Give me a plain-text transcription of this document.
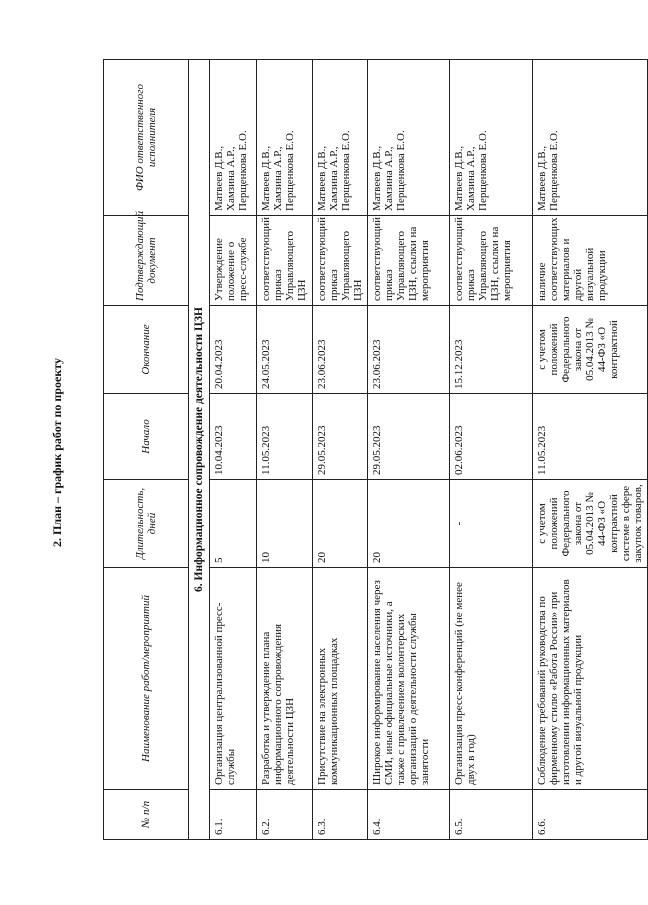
2. План – график работ по проекту
№ п/п	Наименование работ/мероприятий	Длительность, дней	Начало	Окончание	Подтверждающий документ	ФИО ответственного исполнителя
6. Информационное сопровождение деятельности ЦЗН						
6.1.	Организация централизованной пресс-службы	5	10.04.2023	20.04.2023	Утверждение положение о пресс-службе	Матвеев Д.В.,
Хамзина А.Р.,
Перщенкова Е.О.
6.2.	Разработка и утверждение плана информационного сопровождения деятельности ЦЗН	10	11.05.2023	24.05.2023	соответствующий приказ Управляющего ЦЗН	Матвеев Д.В.,
Хамзина А.Р.,
Перщенкова Е.О.
6.3.	Присутствие на электронных коммуникационных площадках	20	29.05.2023	23.06.2023	соответствующий приказ Управляющего ЦЗН	Матвеев Д.В.,
Хамзина А.Р.,
Перщенкова Е.О.
6.4.	Широкое информирование населения через СМИ, иные официальные источники, а также с привлечением волонтерских организаций о деятельности службы занятости	20	29.05.2023	23.06.2023	соответствующий приказ Управляющего ЦЗН, ссылки на мероприятия	Матвеев Д.В.,
Хамзина А.Р.,
Перщенкова Е.О.
6.5.	Организация пресс-конференций (не менее двух в год)	-	02.06.2023	15.12.2023	соответствующий приказ Управляющего ЦЗН, ссылки на мероприятия	Матвеев Д.В.,
Хамзина А.Р.,
Перщенкова Е.О.
6.6.	Соблюдение требований руководства по фирменному стилю «Работа России» при изготовлении информационных материалов и другой визуальной продукции	с учетом положений Федерального закона от 05.04.2013 № 44-ФЗ «О контрактной системе в сфере закупок товаров,	11.05.2023	с учетом положений Федерального закона от 05.04.2013 № 44-ФЗ «О контрактной	наличие соответствующих материалов и другой визуальной продукции	Матвеев Д.В.,
Перщенкова Е.О.
